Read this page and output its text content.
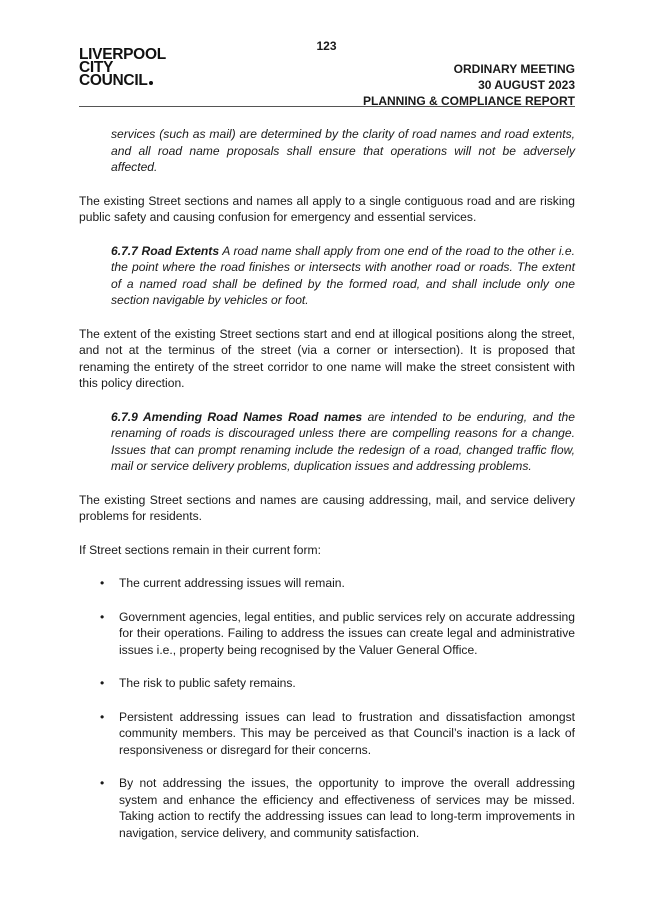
123
LIVERPOOL
CITY
COUNCIL
ORDINARY MEETING
30 AUGUST 2023
PLANNING & COMPLIANCE REPORT

services (such as mail) are determined by the clarity of road names and road extents, and all road name proposals shall ensure that operations will not be adversely affected.

The existing Street sections and names all apply to a single contiguous road and are risking public safety and causing confusion for emergency and essential services.

6.7.7 Road Extents A road name shall apply from one end of the road to the other i.e. the point where the road finishes or intersects with another road or roads. The extent of a named road shall be defined by the formed road, and shall include only one section navigable by vehicles or foot.

The extent of the existing Street sections start and end at illogical positions along the street, and not at the terminus of the street (via a corner or intersection). It is proposed that renaming the entirety of the street corridor to one name will make the street consistent with this policy direction.

6.7.9 Amending Road Names Road names are intended to be enduring, and the renaming of roads is discouraged unless there are compelling reasons for a change. Issues that can prompt renaming include the redesign of a road, changed traffic flow, mail or service delivery problems, duplication issues and addressing problems.

The existing Street sections and names are causing addressing, mail, and service delivery problems for residents.

If Street sections remain in their current form:

• The current addressing issues will remain.
• Government agencies, legal entities, and public services rely on accurate addressing for their operations. Failing to address the issues can create legal and administrative issues i.e., property being recognised by the Valuer General Office.
• The risk to public safety remains.
• Persistent addressing issues can lead to frustration and dissatisfaction amongst community members. This may be perceived as that Council’s inaction is a lack of responsiveness or disregard for their concerns.
• By not addressing the issues, the opportunity to improve the overall addressing system and enhance the efficiency and effectiveness of services may be missed. Taking action to rectify the addressing issues can lead to long-term improvements in navigation, service delivery, and community satisfaction.
